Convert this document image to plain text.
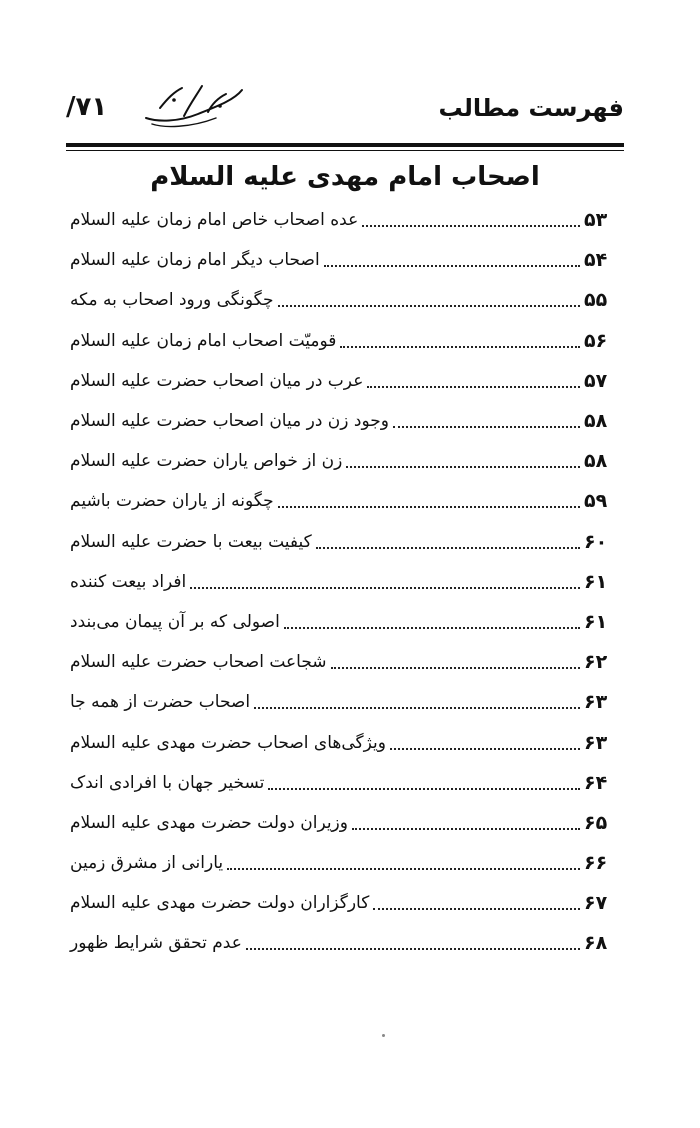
فهرست مطالب
/۷۱
اصحاب امام مهدی عليه السلام
عده اصحاب خاص امام زمان عليه السلام	۵۳
اصحاب دیگر امام زمان عليه السلام	۵۴
چگونگی ورود اصحاب به مکه	۵۵
قومیّت اصحاب امام زمان عليه السلام	۵۶
عرب در میان اصحاب حضرت عليه السلام	۵۷
وجود زن در میان اصحاب حضرت عليه السلام	۵۸
زن از خواص یاران حضرت عليه السلام	۵۸
چگونه از یاران حضرت باشیم	۵۹
کیفیت بیعت با حضرت عليه السلام	۶۰
افراد بیعت کننده	۶۱
اصولی که بر آن پیمان می‌بندد	۶۱
شجاعت اصحاب حضرت عليه السلام	۶۲
اصحاب حضرت از همه جا	۶۳
ویژگی‌های اصحاب حضرت مهدی عليه السلام	۶۳
تسخیر جهان با افرادی اندک	۶۴
وزیران دولت حضرت مهدی عليه السلام	۶۵
یارانی از مشرق زمین	۶۶
کارگزاران دولت حضرت مهدی عليه السلام	۶۷
عدم تحقق شرایط ظهور	۶۸
